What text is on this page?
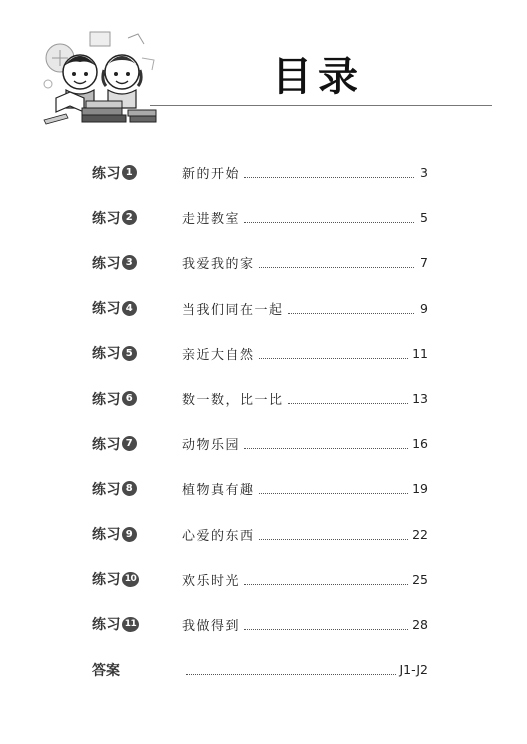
目录
练习 1	新的开始	3
练习 2	走进教室	5
练习 3	我爱我的家	7
练习 4	当我们同在一起	9
练习 5	亲近大自然	11
练习 6	数一数，比一比	13
练习 7	动物乐园	16
练习 8	植物真有趣	19
练习 9	心爱的东西	22
练习 10	欢乐时光	25
练习 11	我做得到	28
答案	J1-J2
